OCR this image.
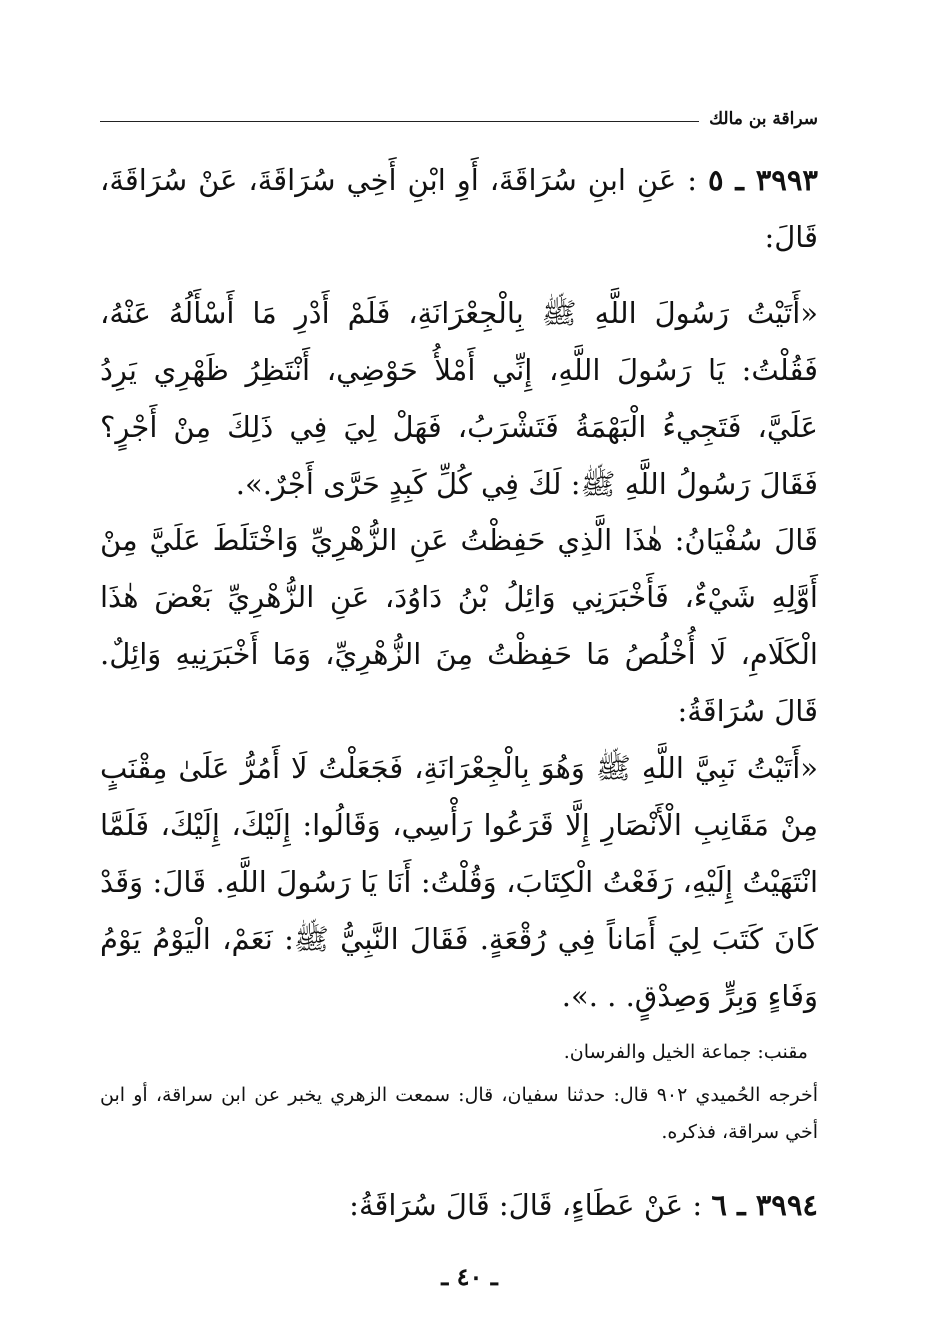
سراقة بن مالك
٣٩٩٣ ـ ٥ : عَنِ ابنِ سُرَاقَةَ، أَوِ ابْنِ أَخِي سُرَاقَةَ، عَنْ سُرَاقَةَ، قَالَ:
«أَتَيْتُ رَسُولَ اللَّهِ ﷺ بِالْجِعْرَانَةِ، فَلَمْ أَدْرِ مَا أَسْأَلُهُ عَنْهُ، فَقُلْتُ: يَا رَسُولَ اللَّهِ، إِنِّي أَمْلأُ حَوْضِي، أَنْتَظِرُ ظَهْرِي يَرِدُ عَلَيَّ، فَتَجِيءُ الْبَهْمَةُ فَتَشْرَبُ، فَهَلْ لِيَ فِي ذَلِكَ مِنْ أَجْرٍ؟ فَقَالَ رَسُولُ اللَّهِ ﷺ: لَكَ فِي كُلِّ كَبِدٍ حَرَّى أَجْرٌ.».
قَالَ سُفْيَانُ: هٰذَا الَّذِي حَفِظْتُ عَنِ الزُّهْرِيِّ وَاخْتَلَطَ عَلَيَّ مِنْ أَوَّلِهِ شَيْءٌ، فَأَخْبَرَنِي وَائِلُ بْنُ دَاوُدَ، عَنِ الزُّهْرِيِّ بَعْضَ هٰذَا الْكَلَامِ، لَا أُخْلُصُ مَا حَفِظْتُ مِنَ الزُّهْرِيِّ، وَمَا أَخْبَرَنِيهِ وَائِلٌ. قَالَ سُرَاقَةُ:
«أَتَيْتُ نَبِيَّ اللَّهِ ﷺ وَهُوَ بِالْجِعْرَانَةِ، فَجَعَلْتُ لَا أَمُرُّ عَلَىٰ مِقْنَبٍ مِنْ مَقَانِبِ الْأَنْصَارِ إِلَّا قَرَعُوا رَأْسِي، وَقَالُوا: إِلَيْكَ، إِلَيْكَ، فَلَمَّا انْتَهَيْتُ إِلَيْهِ، رَفَعْتُ الْكِتَابَ، وَقُلْتُ: أَنَا يَا رَسُولَ اللَّهِ. قَالَ: وَقَدْ كَانَ كَتَبَ لِيَ أَمَاناً فِي رُقْعَةٍ. فَقَالَ النَّبِيُّ ﷺ: نَعَمْ، الْيَوْمُ يَوْمُ وَفَاءٍ وَبِرٍّ وَصِدْقٍ. . .».
مقنب: جماعة الخيل والفرسان.
أخرجه الحُميدي ٩٠٢ قال: حدثنا سفيان، قال: سمعت الزهري يخبر عن ابن سراقة، أو ابن أخي سراقة، فذكره.
٣٩٩٤ ـ ٦ : عَنْ عَطَاءٍ، قَالَ: قَالَ سُرَاقَةُ:
ـ ٤٠ ـ
